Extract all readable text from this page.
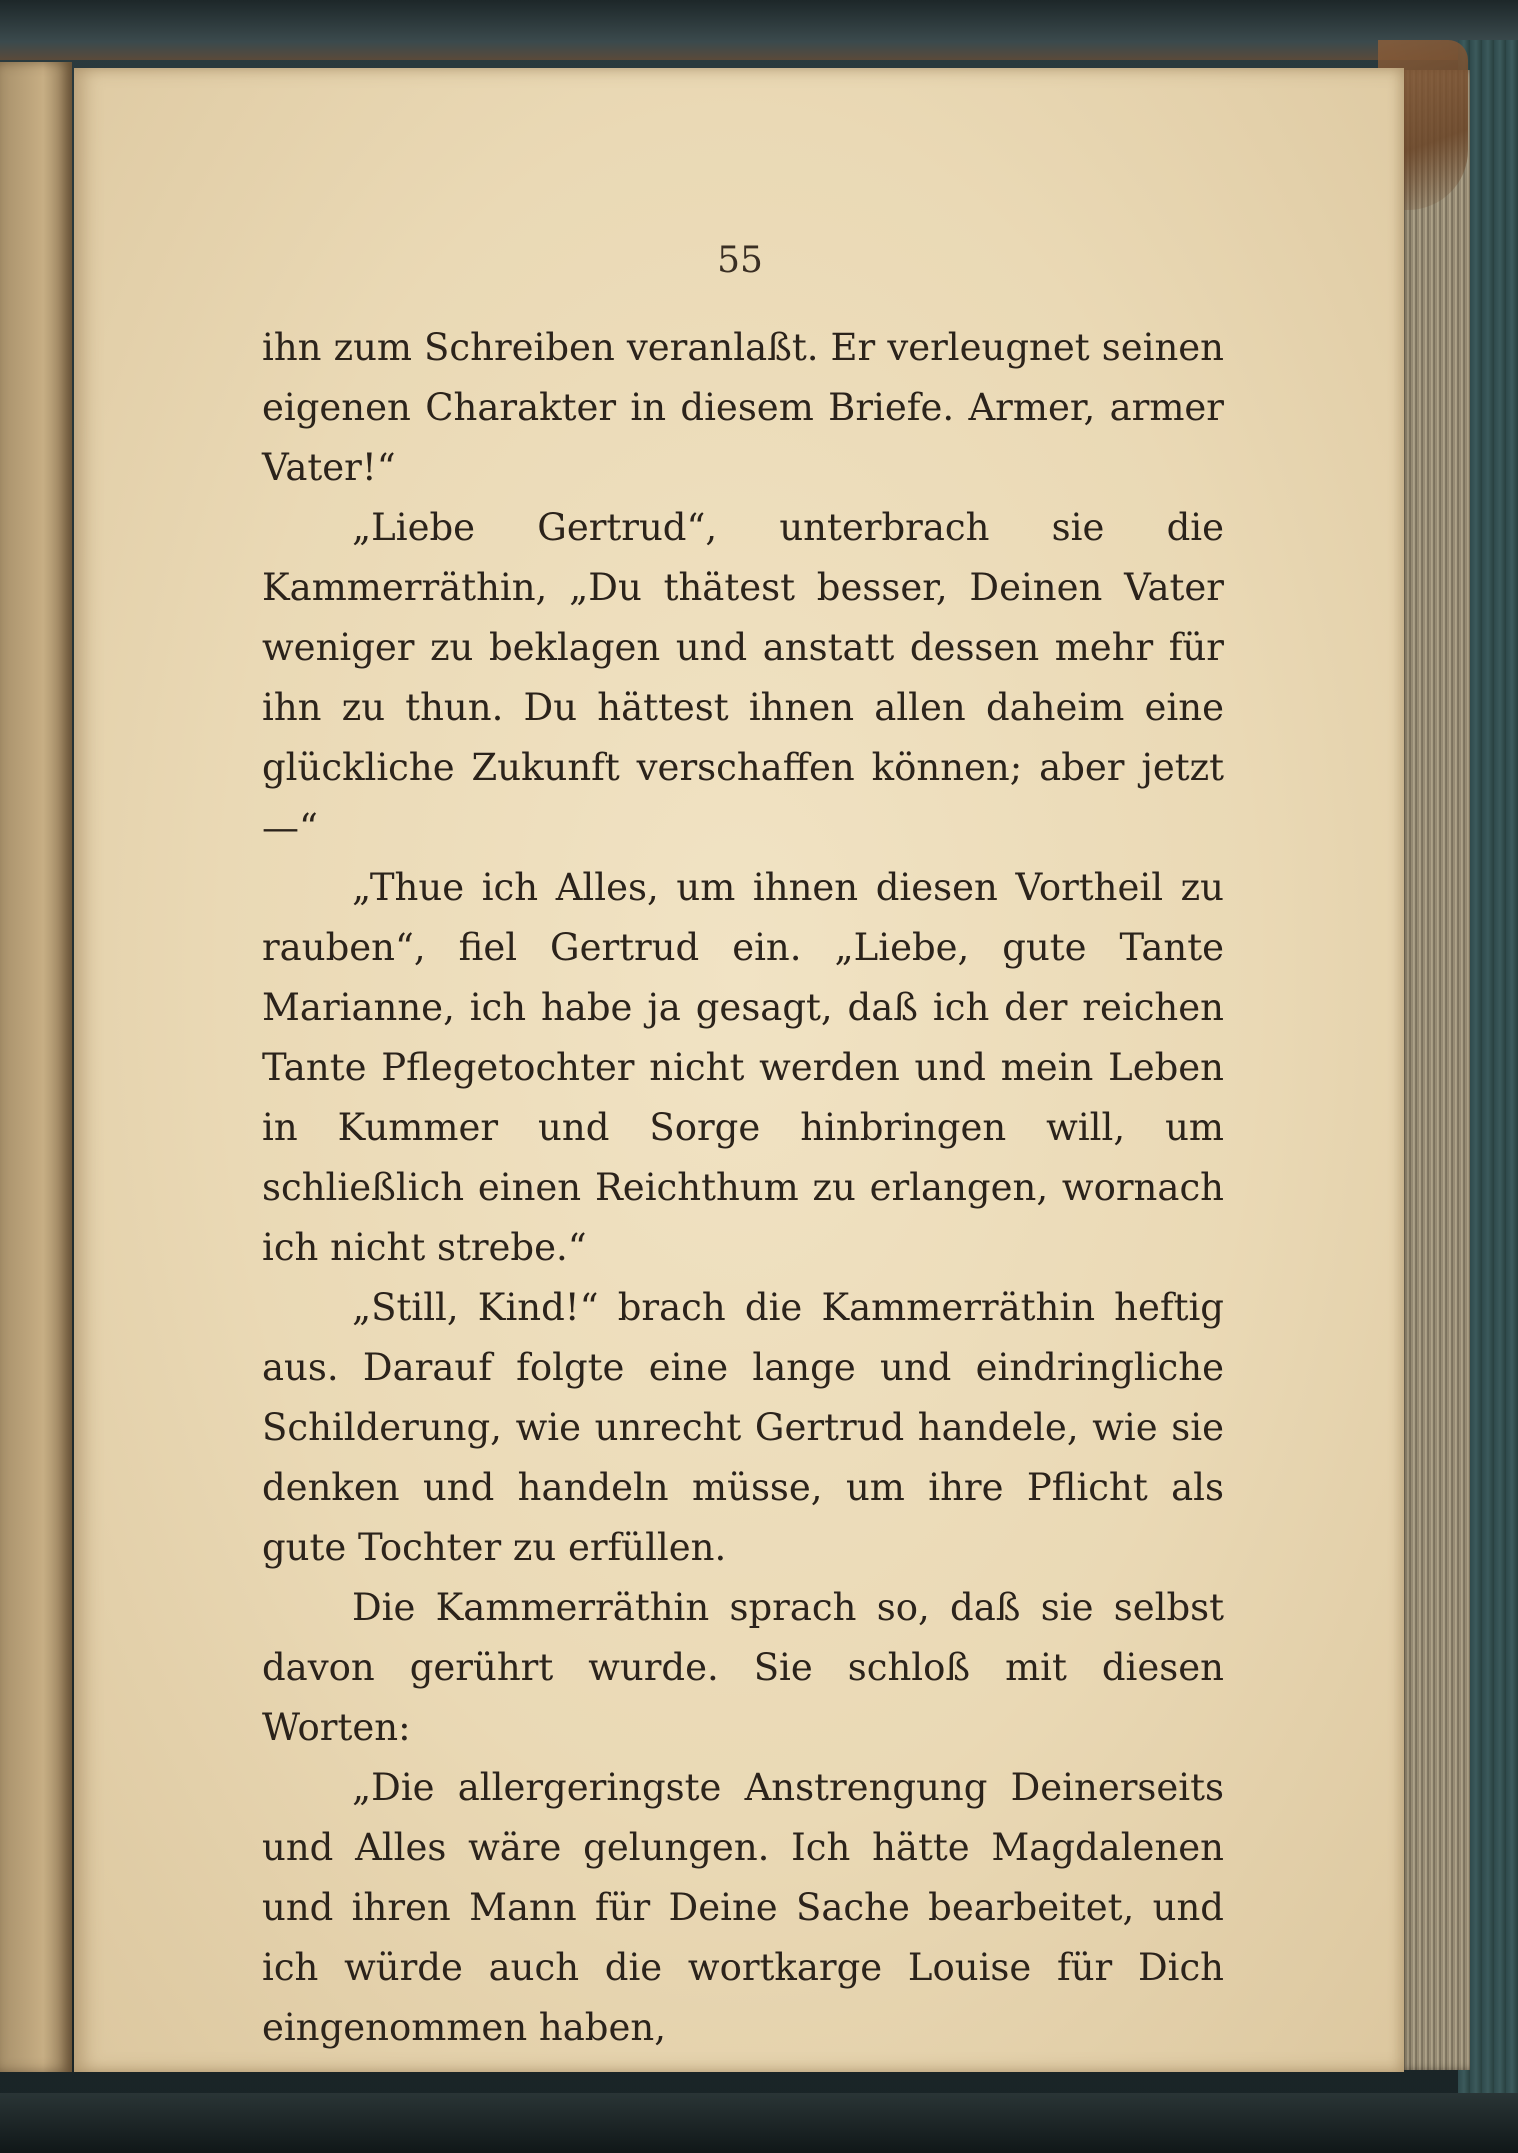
55

ihn zum Schreiben veranlaßt. Er verleugnet seinen eigenen Charakter in diesem Briefe. Armer, armer Vater!“

„Liebe Gertrud“, unterbrach sie die Kammerräthin, „Du thätest besser, Deinen Vater weniger zu beklagen und anstatt dessen mehr für ihn zu thun. Du hättest ihnen allen daheim eine glückliche Zukunft verschaffen können; aber jetzt —“

„Thue ich Alles, um ihnen diesen Vortheil zu rauben“, fiel Gertrud ein. „Liebe, gute Tante Marianne, ich habe ja gesagt, daß ich der reichen Tante Pflegetochter nicht werden und mein Leben in Kummer und Sorge hinbringen will, um schließlich einen Reichthum zu erlangen, wornach ich nicht strebe.“

„Still, Kind!“ brach die Kammerräthin heftig aus. Darauf folgte eine lange und eindringliche Schilderung, wie unrecht Gertrud handele, wie sie denken und handeln müsse, um ihre Pflicht als gute Tochter zu erfüllen.

Die Kammerräthin sprach so, daß sie selbst davon gerührt wurde. Sie schloß mit diesen Worten:

„Die allergeringste Anstrengung Deinerseits und Alles wäre gelungen. Ich hätte Magdalenen und ihren Mann für Deine Sache bearbeitet, und ich würde auch die wortkarge Louise für Dich eingenommen haben,
